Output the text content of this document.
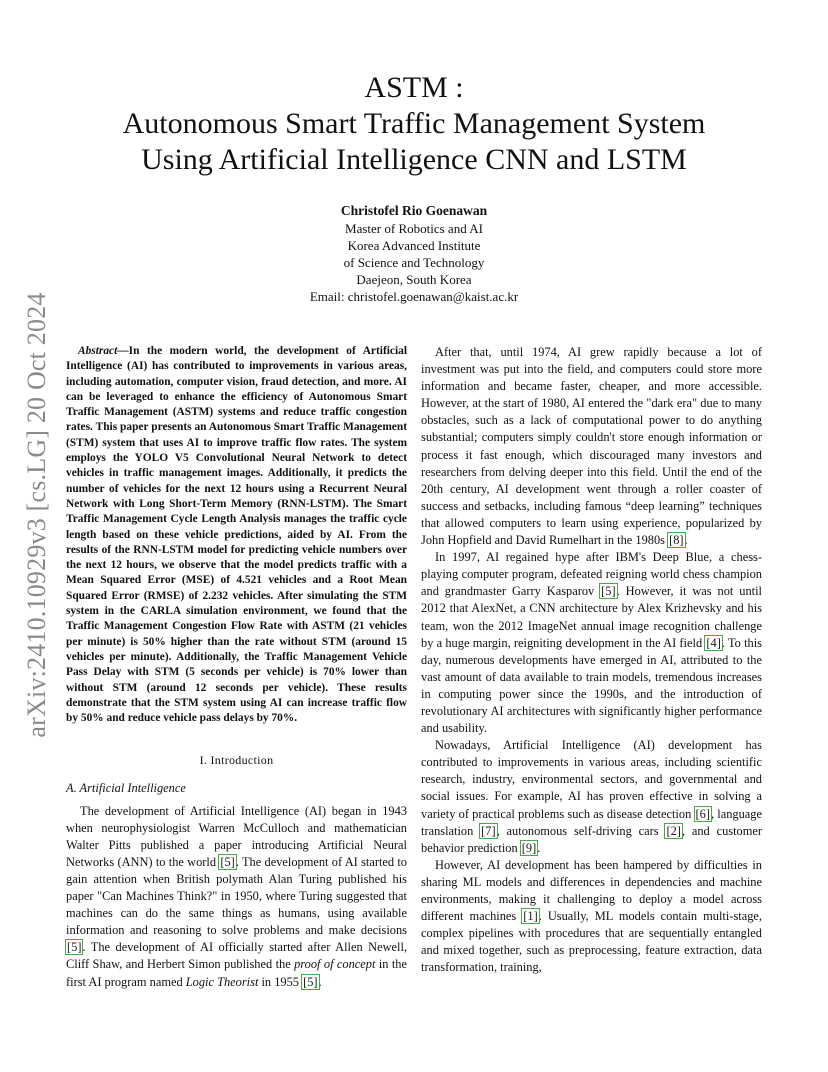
arXiv:2410.10929v3 [cs.LG] 20 Oct 2024
ASTM :
Autonomous Smart Traffic Management System
Using Artificial Intelligence CNN and LSTM
Christofel Rio Goenawan
Master of Robotics and AI
Korea Advanced Institute
of Science and Technology
Daejeon, South Korea
Email: christofel.goenawan@kaist.ac.kr

Abstract—In the modern world, the development of Artificial Intelligence (AI) has contributed to improvements in various areas, including automation, computer vision, fraud detection, and more. AI can be leveraged to enhance the efficiency of Autonomous Smart Traffic Management (ASTM) systems and reduce traffic congestion rates. This paper presents an Autonomous Smart Traffic Management (STM) system that uses AI to improve traffic flow rates. The system employs the YOLO V5 Convolutional Neural Network to detect vehicles in traffic management images. Additionally, it predicts the number of vehicles for the next 12 hours using a Recurrent Neural Network with Long Short-Term Memory (RNN-LSTM). The Smart Traffic Management Cycle Length Analysis manages the traffic cycle length based on these vehicle predictions, aided by AI. From the results of the RNN-LSTM model for predicting vehicle numbers over the next 12 hours, we observe that the model predicts traffic with a Mean Squared Error (MSE) of 4.521 vehicles and a Root Mean Squared Error (RMSE) of 2.232 vehicles. After simulating the STM system in the CARLA simulation environment, we found that the Traffic Management Congestion Flow Rate with ASTM (21 vehicles per minute) is 50% higher than the rate without STM (around 15 vehicles per minute). Additionally, the Traffic Management Vehicle Pass Delay with STM (5 seconds per vehicle) is 70% lower than without STM (around 12 seconds per vehicle). These results demonstrate that the STM system using AI can increase traffic flow by 50% and reduce vehicle pass delays by 70%.

I. Introduction
A. Artificial Intelligence

The development of Artificial Intelligence (AI) began in 1943 when neurophysiologist Warren McCulloch and mathematician Walter Pitts published a paper introducing Artificial Neural Networks (ANN) to the world [5]. The development of AI started to gain attention when British polymath Alan Turing published his paper "Can Machines Think?" in 1950, where Turing suggested that machines can do the same things as humans, using available information and reasoning to solve problems and make decisions [5]. The development of AI officially started after Allen Newell, Cliff Shaw, and Herbert Simon published the proof of concept in the first AI program named Logic Theorist in 1955 [5].

After that, until 1974, AI grew rapidly because a lot of investment was put into the field, and computers could store more information and became faster, cheaper, and more accessible. However, at the start of 1980, AI entered the "dark era" due to many obstacles, such as a lack of computational power to do anything substantial; computers simply couldn't store enough information or process it fast enough, which discouraged many investors and researchers from delving deeper into this field. Until the end of the 20th century, AI development went through a roller coaster of success and setbacks, including famous “deep learning” techniques that allowed computers to learn using experience, popularized by John Hopfield and David Rumelhart in the 1980s [8].

In 1997, AI regained hype after IBM's Deep Blue, a chess-playing computer program, defeated reigning world chess champion and grandmaster Garry Kasparov [5]. However, it was not until 2012 that AlexNet, a CNN architecture by Alex Krizhevsky and his team, won the 2012 ImageNet annual image recognition challenge by a huge margin, reigniting development in the AI field [4]. To this day, numerous developments have emerged in AI, attributed to the vast amount of data available to train models, tremendous increases in computing power since the 1990s, and the introduction of revolutionary AI architectures with significantly higher performance and usability.

Nowadays, Artificial Intelligence (AI) development has contributed to improvements in various areas, including scientific research, industry, environmental sectors, and governmental and social issues. For example, AI has proven effective in solving a variety of practical problems such as disease detection [6], language translation [7], autonomous self-driving cars [2], and customer behavior prediction [9].

However, AI development has been hampered by difficulties in sharing ML models and differences in dependencies and machine environments, making it challenging to deploy a model across different machines [1]. Usually, ML models contain multi-stage, complex pipelines with procedures that are sequentially entangled and mixed together, such as preprocessing, feature extraction, data transformation, training,
